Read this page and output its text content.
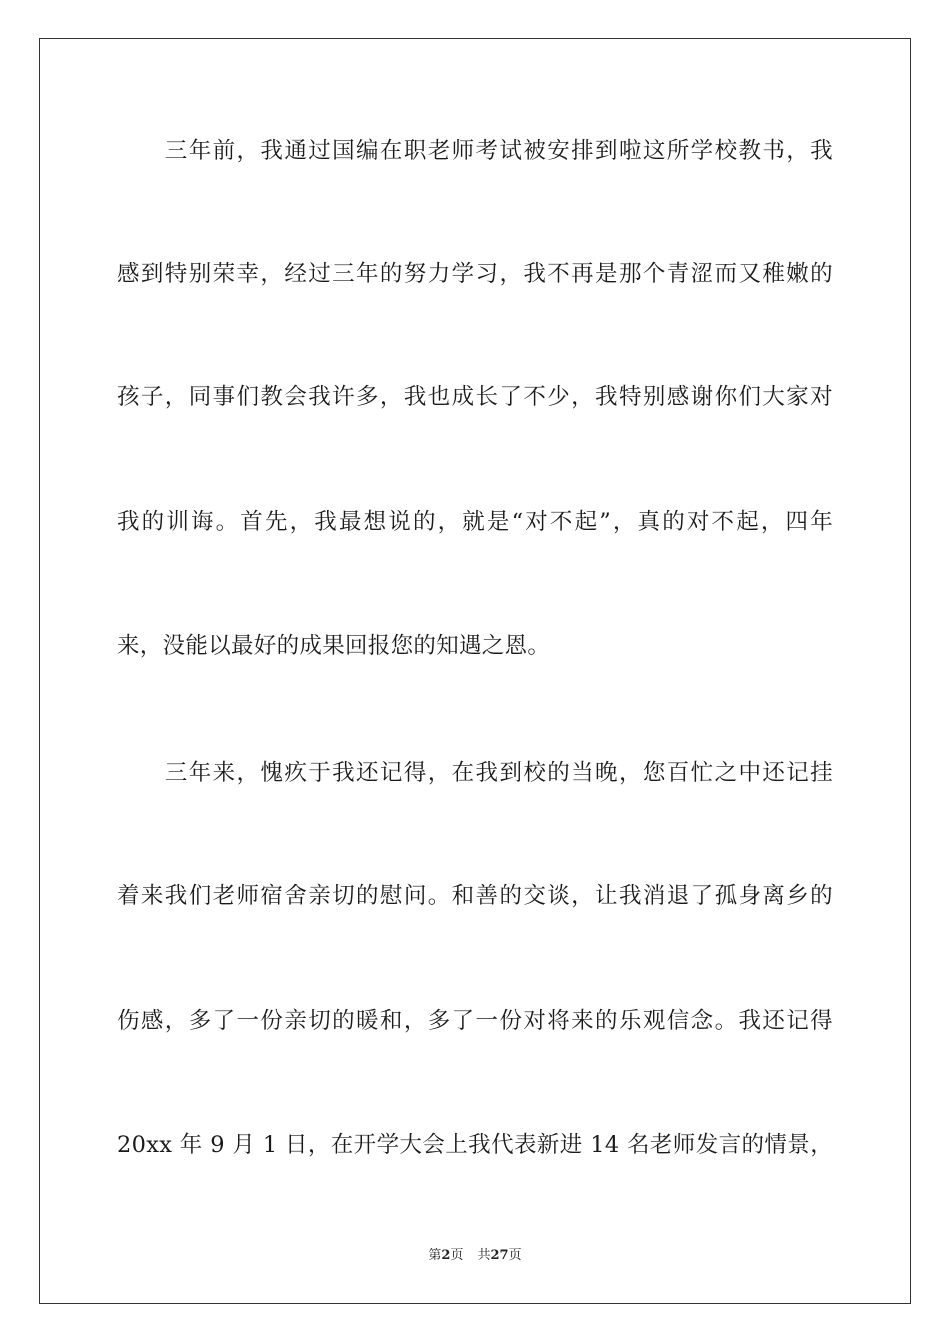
　　三年前，我通过国编在职老师考试被安排到啦这所学校教书，我
感到特别荣幸，经过三年的努力学习，我不再是那个青涩而又稚嫩的
孩子，同事们教会我许多，我也成长了不少，我特别感谢你们大家对
我的训诲。首先，我最想说的，就是“对不起”，真的对不起，四年
来，没能以最好的成果回报您的知遇之恩。
　　三年来，愧疚于我还记得，在我到校的当晚，您百忙之中还记挂
着来我们老师宿舍亲切的慰问。和善的交谈，让我消退了孤身离乡的
伤感，多了一份亲切的暖和，多了一份对将来的乐观信念。我还记得
20xx 年 9 月 1 日，在开学大会上我代表新进 14 名老师发言的情景，
第2页 共27页
